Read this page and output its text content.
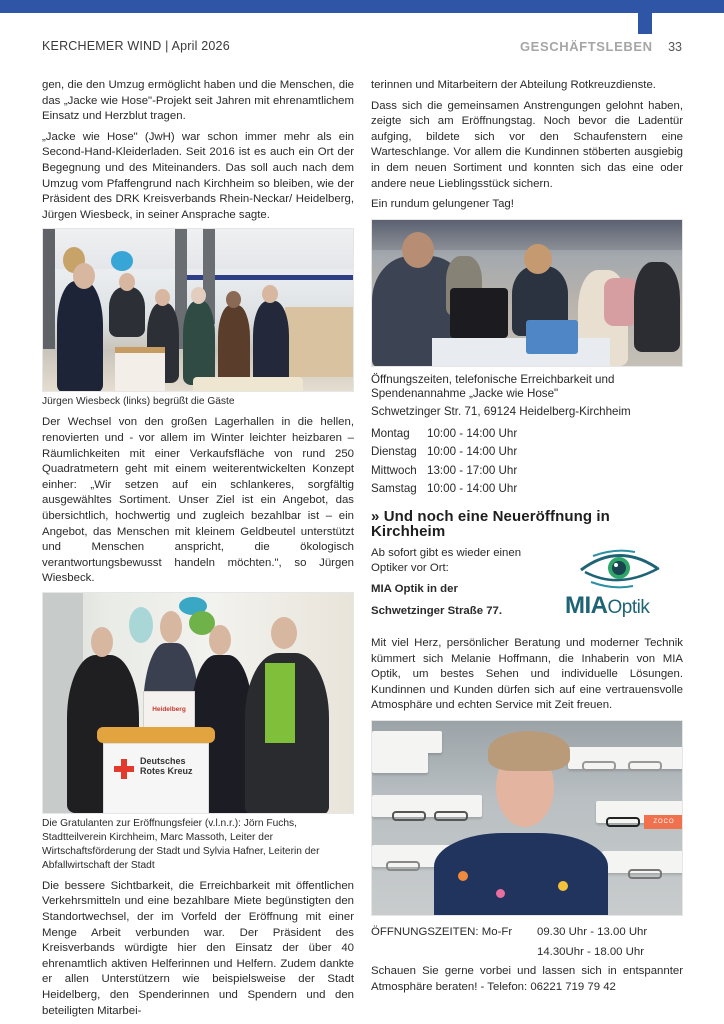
KERCHEMER WIND | April 2026	GESCHÄFTSLEBEN 33

gen, die den Umzug ermöglicht haben und die Menschen, die das „Jacke wie Hose"-Projekt seit Jahren mit ehrenamtlichem Einsatz und Herzblut tragen.

„Jacke wie Hose" (JwH) war schon immer mehr als ein Second-Hand-Kleiderladen. Seit 2016 ist es auch ein Ort der Begegnung und des Miteinanders. Das soll auch nach dem Umzug vom Pfaffengrund nach Kirchheim so bleiben, wie der Präsident des DRK Kreisverbands Rhein-Neckar/ Heidelberg, Jürgen Wiesbeck, in seiner Ansprache sagte.

Jürgen Wiesbeck (links) begrüßt die Gäste

Der Wechsel von den großen Lagerhallen in die hellen, renovierten und - vor allem im Winter leichter heizbaren – Räumlichkeiten mit einer Verkaufsfläche von rund 250 Quadratmetern geht mit einem weiterentwickelten Konzept einher: „Wir setzen auf ein schlankeres, sorgfältig ausgewähltes Sortiment. Unser Ziel ist ein Angebot, das übersichtlich, hochwertig und zugleich bezahlbar ist – ein Angebot, das Menschen mit kleinem Geldbeutel unterstützt und Menschen anspricht, die ökologisch verantwortungsbewusst handeln möchten.", so Jürgen Wiesbeck.

Heidelberg
Deutsches Rotes Kreuz

Die Gratulanten zur Eröffnungsfeier (v.l.n.r.): Jörn Fuchs, Stadtteilverein Kirchheim, Marc Massoth, Leiter der Wirtschaftsförderung der Stadt und Sylvia Hafner, Leiterin der Abfallwirtschaft der Stadt

Die bessere Sichtbarkeit, die Erreichbarkeit mit öffentlichen Verkehrsmitteln und eine bezahlbare Miete begünstigten den Standortwechsel, der im Vorfeld der Eröffnung mit einer Menge Arbeit verbunden war. Der Präsident des Kreisverbands würdigte hier den Einsatz der über 40 ehrenamtlich aktiven Helferinnen und Helfern. Zudem dankte er allen Unterstützern wie beispielsweise der Stadt Heidelberg, den Spenderinnen und Spendern und den beteiligten Mitarbei-

terinnen und Mitarbeitern der Abteilung Rotkreuzdienste.

Dass sich die gemeinsamen Anstrengungen gelohnt haben, zeigte sich am Eröffnungstag. Noch bevor die Ladentür aufging, bildete sich vor den Schaufenstern eine Warteschlange. Vor allem die Kundinnen stöberten ausgiebig in dem neuen Sortiment und konnten sich das eine oder andere neue Lieblingsstück sichern.

Ein rundum gelungener Tag!

Öffnungszeiten, telefonische Erreichbarkeit und Spendenannahme „Jacke wie Hose"

Schwetzinger Str. 71, 69124 Heidelberg-Kirchheim

Montag	10:00 - 14:00 Uhr
Dienstag 10:00 - 14:00 Uhr
Mittwoch 13:00 - 17:00 Uhr
Samstag 10:00 - 14:00 Uhr
» Und noch eine Neueröffnung in Kirchheim

Ab sofort gibt es wieder einen Optiker vor Ort:

MIA Optik in der

Schwetzinger Straße 77.	MIAOptik

Mit viel Herz, persönlicher Beratung und moderner Technik kümmert sich Melanie Hoffmann, die Inhaberin von MIA Optik, um bestes Sehen und individuelle Lösungen. Kundinnen und Kunden dürfen sich auf eine vertrauensvolle Atmosphäre und echten Service mit Zeit freuen.

ZOCO
ÖFFNUNGSZEITEN: Mo-Fr	09.30 Uhr - 13.00 Uhr
14.30Uhr - 18.00 Uhr

Schauen Sie gerne vorbei und lassen sich in entspannter Atmosphäre beraten! - Telefon: 06221 719 79 42
